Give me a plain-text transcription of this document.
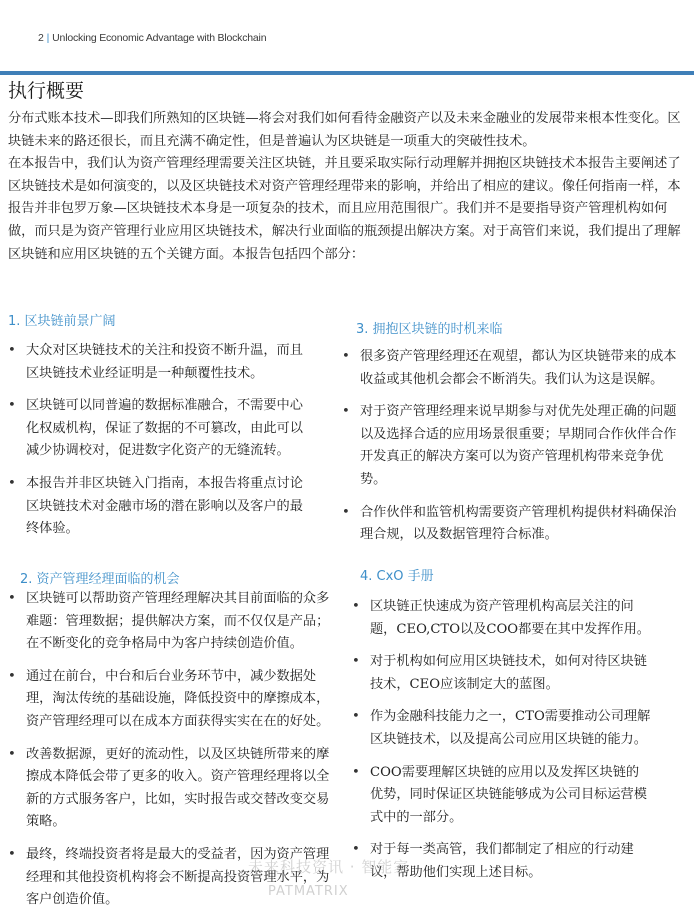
2 | Unlocking Economic Advantage with Blockchain
执行概要

分布式账本技术—即我们所熟知的区块链—将会对我们如何看待金融资产以及未来金融业的发展带来根本性变化。区块链未来的路还很长，而且充满不确定性，但是普遍认为区块链是一项重大的突破性技术。

在本报告中，我们认为资产管理经理需要关注区块链，并且要采取实际行动理解并拥抱区块链技术本报告主要阐述了区块链技术是如何演变的，以及区块链技术对资产管理经理带来的影响，并给出了相应的建议。像任何指南一样，本报告并非包罗万象—区块链技术本身是一项复杂的技术，而且应用范围很广。我们并不是要指导资产管理机构如何做，而只是为资产管理行业应用区块链技术，解决行业面临的瓶颈提出解决方案。对于高管们来说，我们提出了理解区块链和应用区块链的五个关键方面。本报告包括四个部分：

1. 区块链前景广阔
• 大众对区块链技术的关注和投资不断升温，而且区块链技术业经证明是一种颠覆性技术。
• 区块链可以同普遍的数据标准融合，不需要中心化权威机构，保证了数据的不可篡改，由此可以减少协调校对，促进数字化资产的无缝流转。
• 本报告并非区块链入门指南，本报告将重点讨论区块链技术对金融市场的潜在影响以及客户的最终体验。
2. 资产管理经理面临的机会
• 区块链可以帮助资产管理经理解决其目前面临的众多难题：管理数据；提供解决方案，而不仅仅是产品；在不断变化的竞争格局中为客户持续创造价值。
• 通过在前台，中台和后台业务环节中，减少数据处理，淘汰传统的基础设施，降低投资中的摩擦成本，资产管理经理可以在成本方面获得实实在在的好处。
• 改善数据源，更好的流动性，以及区块链所带来的摩擦成本降低会带了更多的收入。资产管理经理将以全新的方式服务客户，比如，实时报告或交替改变交易策略。
• 最终，终端投资者将是最大的受益者，因为资产管理经理和其他投资机构将会不断提高投资管理水平，为客户创造价值。
3. 拥抱区块链的时机来临
• 很多资产管理经理还在观望，都认为区块链带来的成本收益或其他机会都会不断消失。我们认为这是误解。
• 对于资产管理经理来说早期参与对优先处理正确的问题以及选择合适的应用场景很重要；早期同合作伙伴合作开发真正的解决方案可以为资产管理机构带来竞争优势。
• 合作伙伴和监管机构需要资产管理机构提供材料确保治理合规，以及数据管理符合标准。
4. CxO 手册
• 区块链正快速成为资产管理机构高层关注的问题，CEO,CTO以及COO都要在其中发挥作用。
• 对于机构如何应用区块链技术，如何对待区块链技术，CEO应该制定大的蓝图。
• 作为金融科技能力之一，CTO需要推动公司理解区块链技术，以及提高公司应用区块链的能力。
• COO需要理解区块链的应用以及发挥区块链的优势，同时保证区块链能够成为公司目标运营模式中的一部分。
• 对于每一类高管，我们都制定了相应的行动建议，帮助他们实现上述目标。
未来科技资讯 · 智能家
PATMATRIX
